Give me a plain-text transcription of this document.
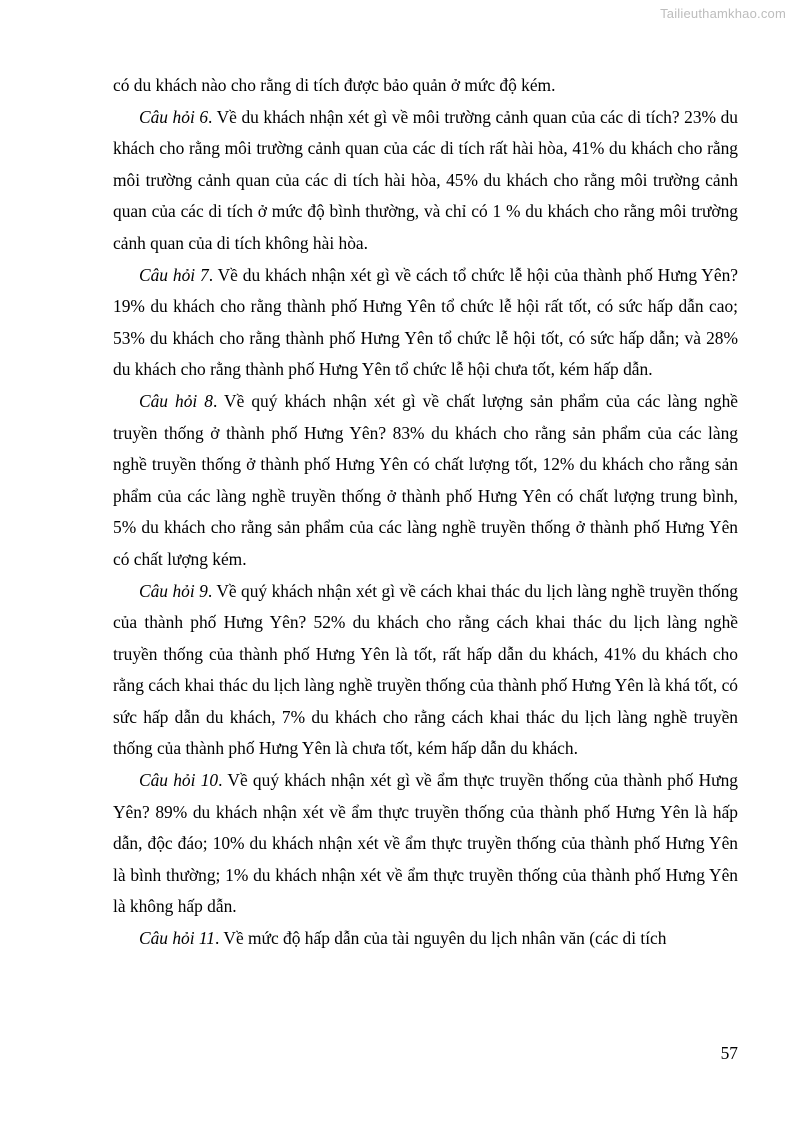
Tailieuthamkhao.com

có du khách nào cho rằng di tích được bảo quản ở mức độ kém.

Câu hỏi 6. Về du khách nhận xét gì về môi trường cảnh quan của các di tích? 23% du khách cho rằng môi trường cảnh quan của các di tích rất hài hòa, 41% du khách cho rằng môi trường cảnh quan của các di tích hài hòa, 45% du khách cho rằng môi trường cảnh quan của các di tích ở mức độ bình thường, và chỉ có 1 % du khách cho rằng môi trường cảnh quan của di tích không hài hòa.

Câu hỏi 7. Về du khách nhận xét gì về cách tổ chức lễ hội của thành phố Hưng Yên? 19% du khách cho rằng thành phố Hưng Yên tổ chức lễ hội rất tốt, có sức hấp dẫn cao; 53% du khách cho rằng thành phố Hưng Yên tổ chức lễ hội tốt, có sức hấp dẫn; và 28% du khách cho rằng thành phố Hưng Yên tổ chức lễ hội chưa tốt, kém hấp dẫn.

Câu hỏi 8. Về quý khách nhận xét gì về chất lượng sản phẩm của các làng nghề truyền thống ở thành phố Hưng Yên? 83% du khách cho rằng sản phẩm của các làng nghề truyền thống ở thành phố Hưng Yên có chất lượng tốt, 12% du khách cho rằng sản phẩm của các làng nghề truyền thống ở thành phố Hưng Yên có chất lượng trung bình, 5% du khách cho rằng sản phẩm của các làng nghề truyền thống ở thành phố Hưng Yên có chất lượng kém.

Câu hỏi 9. Về quý khách nhận xét gì về cách khai thác du lịch làng nghề truyền thống của thành phố Hưng Yên? 52% du khách cho rằng cách khai thác du lịch làng nghề truyền thống của thành phố Hưng Yên là tốt, rất hấp dẫn du khách, 41% du khách cho rằng cách khai thác du lịch làng nghề truyền thống của thành phố Hưng Yên là khá tốt, có sức hấp dẫn du khách, 7% du khách cho rằng cách khai thác du lịch làng nghề truyền thống của thành phố Hưng Yên là chưa tốt, kém hấp dẫn du khách.

Câu hỏi 10. Về quý khách nhận xét gì về ẩm thực truyền thống của thành phố Hưng Yên? 89% du khách nhận xét về ẩm thực truyền thống của thành phố Hưng Yên là hấp dẫn, độc đáo; 10% du khách nhận xét về ẩm thực truyền thống của thành phố Hưng Yên là bình thường; 1% du khách nhận xét về ẩm thực truyền thống của thành phố Hưng Yên là không hấp dẫn.

Câu hỏi 11. Về mức độ hấp dẫn của tài nguyên du lịch nhân văn (các di tích

57
